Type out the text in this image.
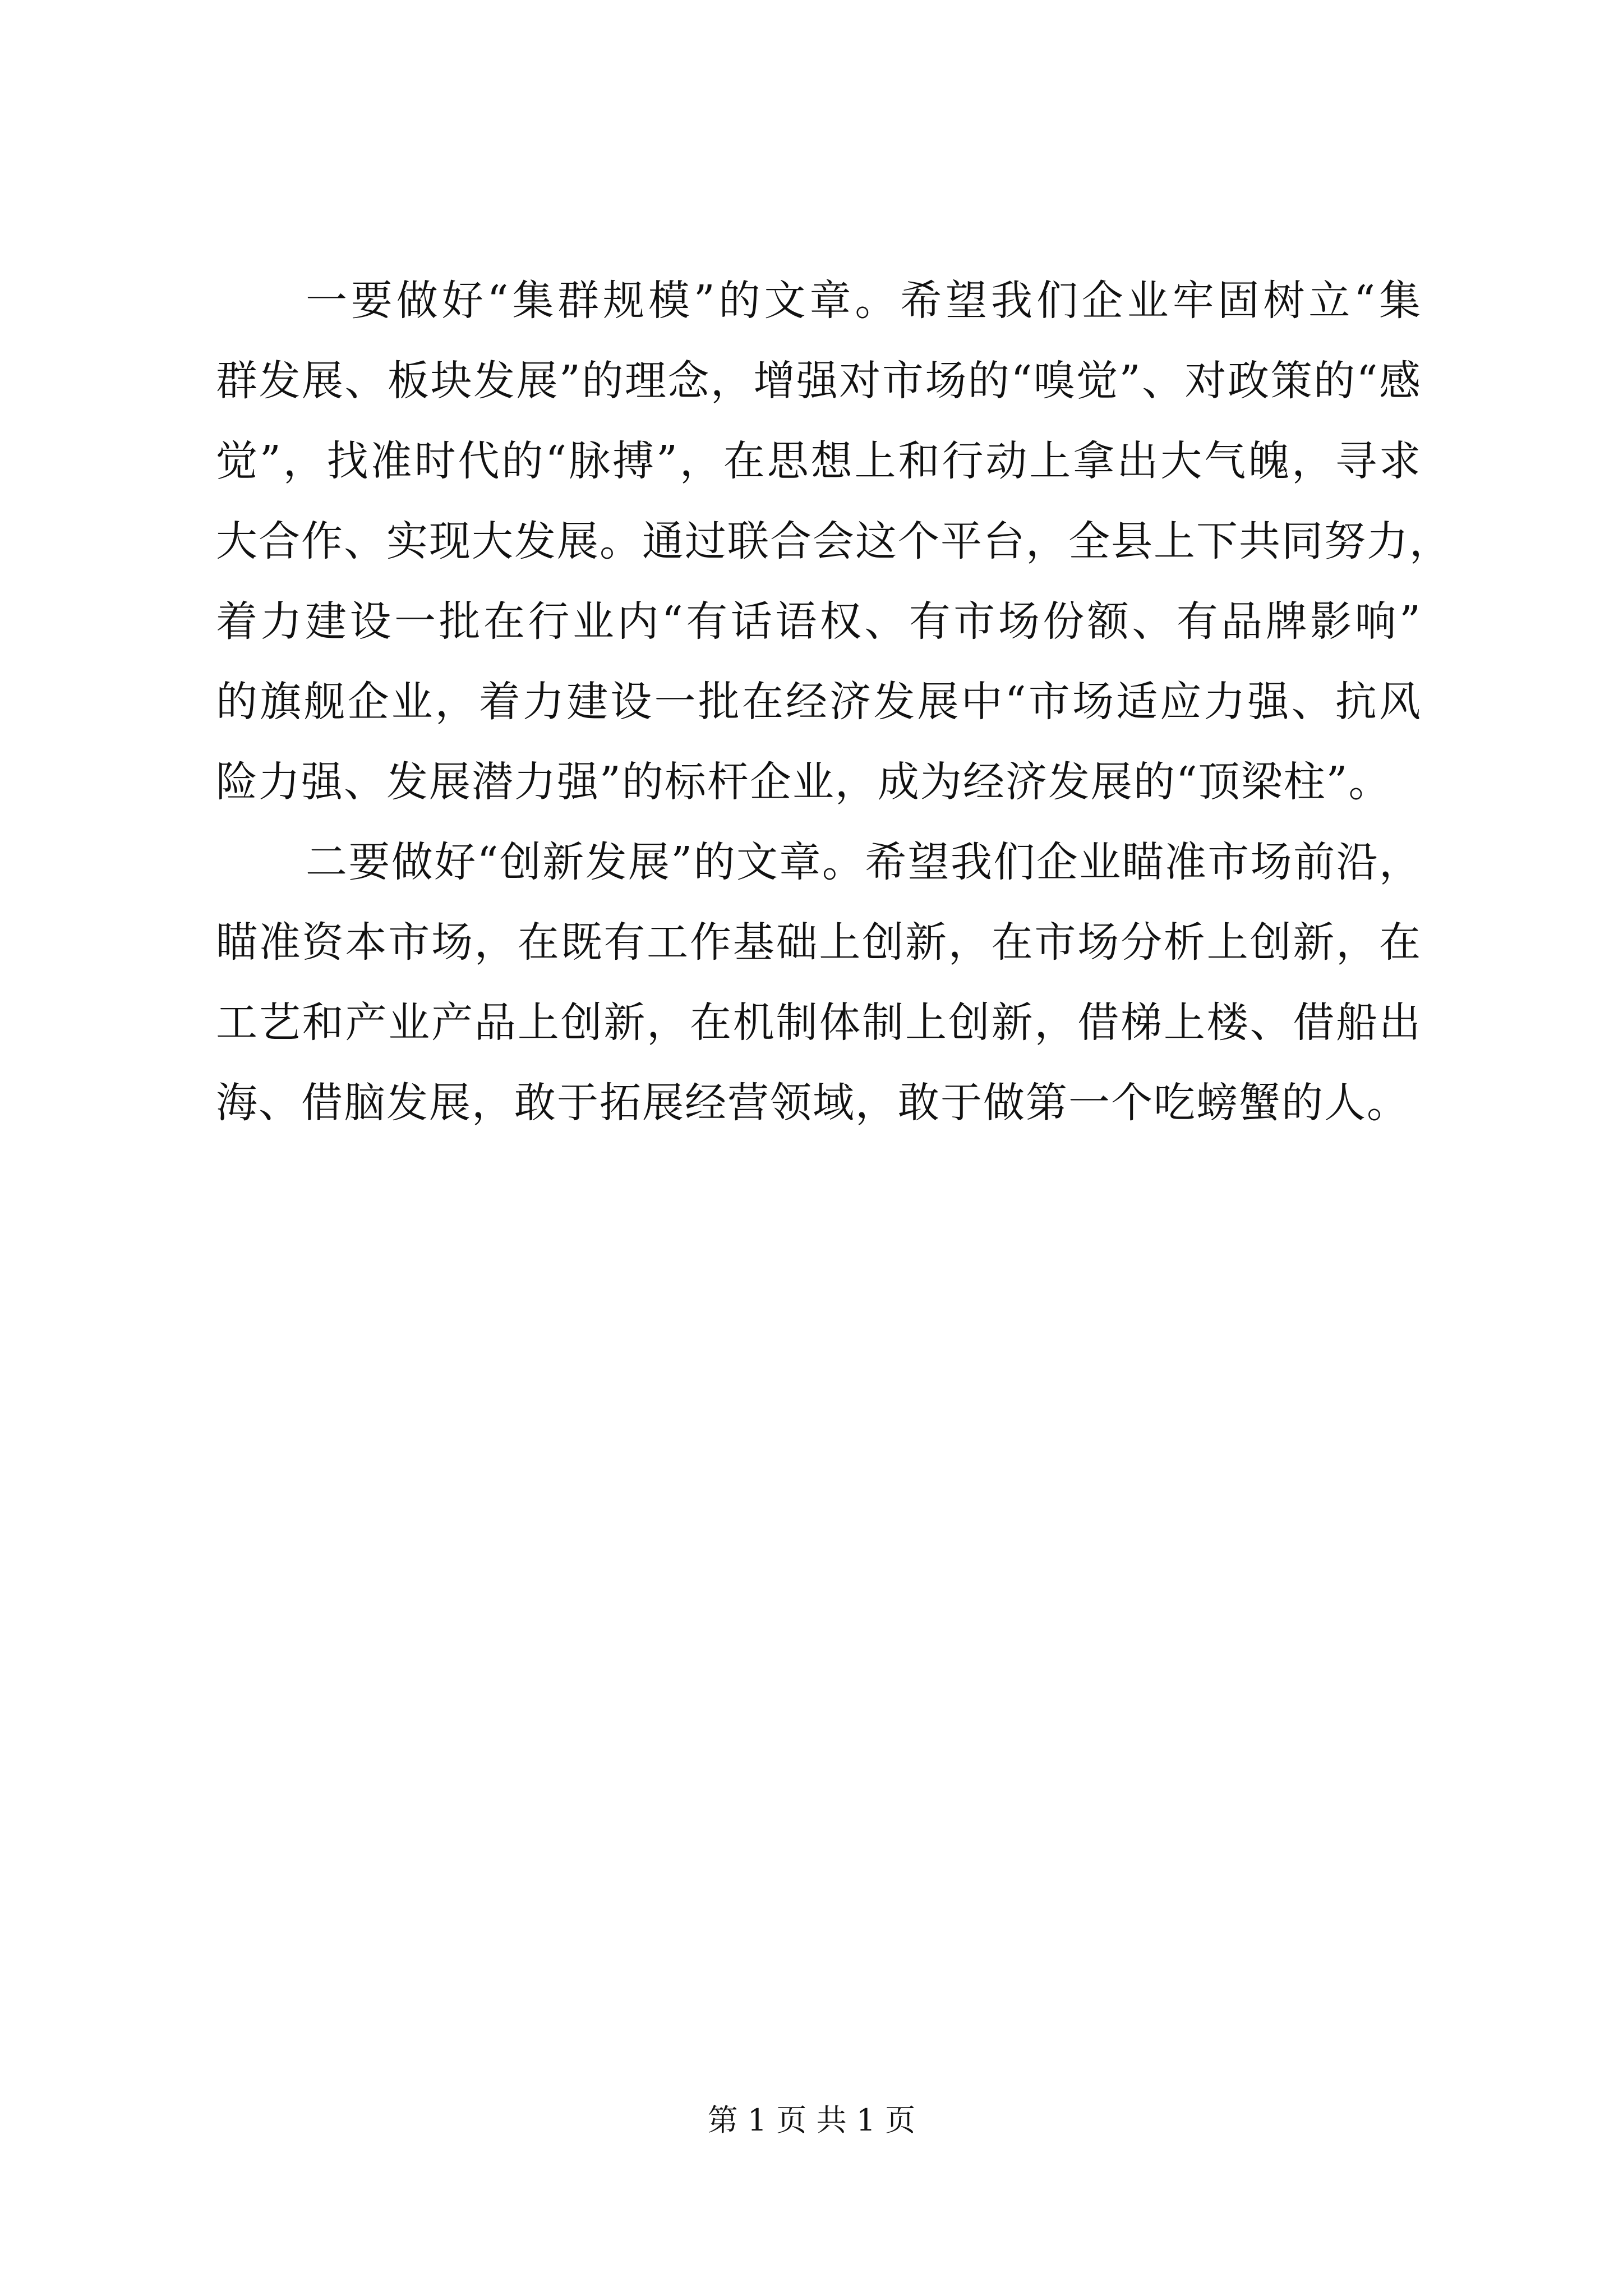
一要做好“集群规模”的文章。希望我们企业牢固树立“集
群发展、板块发展”的理念，增强对市场的“嗅觉”、对政策的“感
觉”，找准时代的“脉搏”，在思想上和行动上拿出大气魄，寻求
大合作、实现大发展。通过联合会这个平台，全县上下共同努力，
着力建设一批在行业内“有话语权、有市场份额、有品牌影响”
的旗舰企业，着力建设一批在经济发展中“市场适应力强、抗风
险力强、发展潜力强”的标杆企业，成为经济发展的“顶梁柱”。
二要做好“创新发展”的文章。希望我们企业瞄准市场前沿，
瞄准资本市场，在既有工作基础上创新，在市场分析上创新，在
工艺和产业产品上创新，在机制体制上创新，借梯上楼、借船出
海、借脑发展，敢于拓展经营领域，敢于做第一个吃螃蟹的人。
第 1 页 共 1 页
